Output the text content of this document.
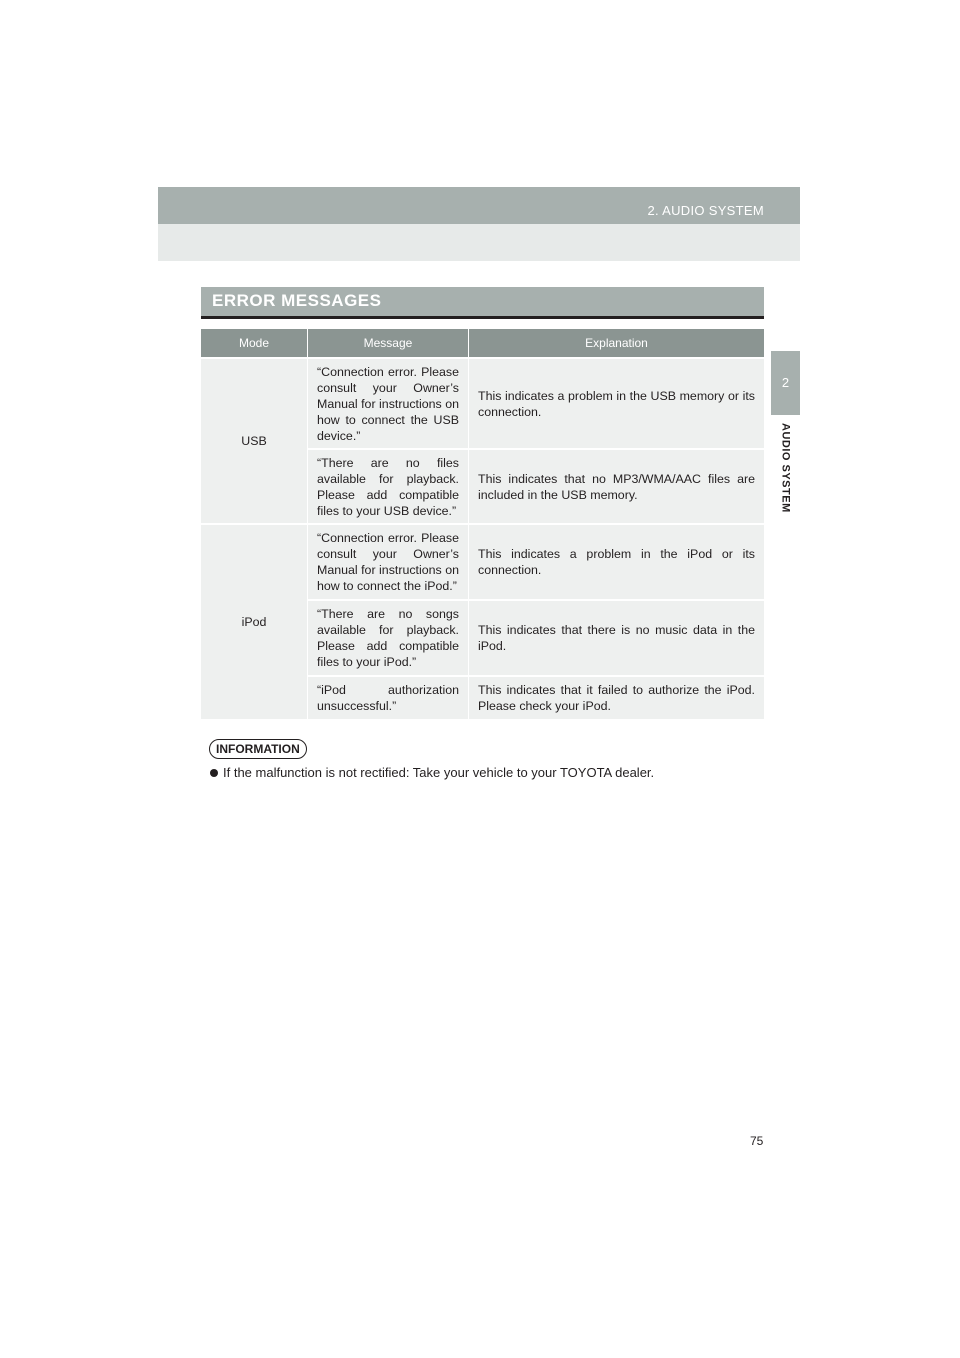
2. AUDIO SYSTEM
2
AUDIO SYSTEM
ERROR MESSAGES
Mode	Message	Explanation
USB	“Connection error. Please consult your Owner’s Manual for instructions on how to connect the USB device.”	This indicates a problem in the USB memory or its connection.
	“There are no files available for playback. Please add compatible files to your USB device.”	This indicates that no MP3/WMA/AAC files are included in the USB memory.
iPod	“Connection error. Please consult your Owner’s Manual for instructions on how to connect the iPod.”	This indicates a problem in the iPod or its connection.
	“There are no songs available for playback. Please add compatible files to your iPod.”	This indicates that there is no music data in the iPod.
	“iPod authorization unsuccessful.”	This indicates that it failed to authorize the iPod. Please check your iPod.
INFORMATION
If the malfunction is not rectified: Take your vehicle to your TOYOTA dealer.
75
